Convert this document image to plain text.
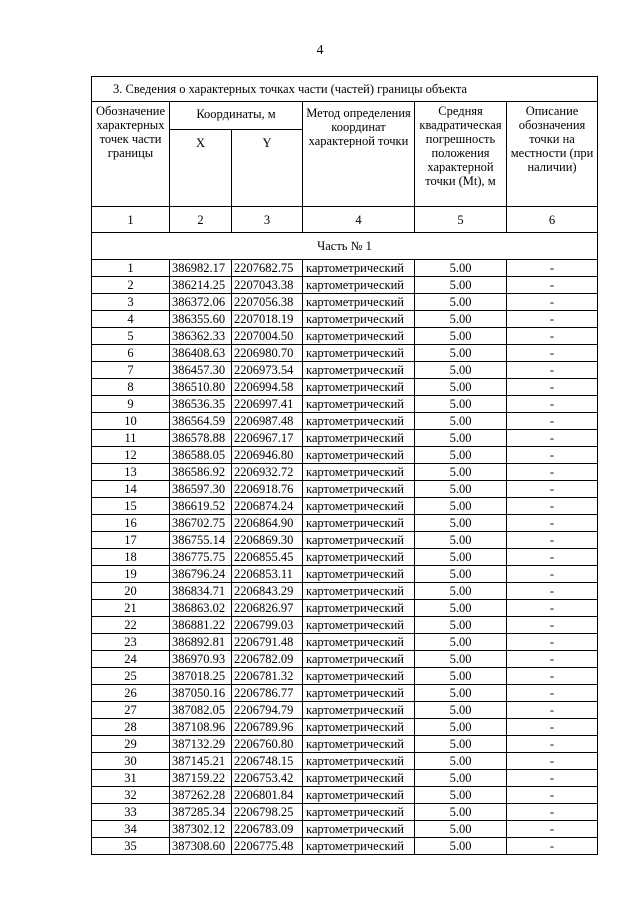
4
3. Сведения о характерных точках части (частей) границы объекта					
Обозначение характерных точек части границы	Координаты, м		Метод определения координат характерной точки	Средняя квадратическая погрешность положения характерной точки (Mt), м	Описание обозначения точки на местности (при наличии)
	X	Y			
1	2	3	4	5	6
Часть № 1					
1	386982.17	2207682.75	картометрический	5.00	-
2	386214.25	2207043.38	картометрический	5.00	-
3	386372.06	2207056.38	картометрический	5.00	-
4	386355.60	2207018.19	картометрический	5.00	-
5	386362.33	2207004.50	картометрический	5.00	-
6	386408.63	2206980.70	картометрический	5.00	-
7	386457.30	2206973.54	картометрический	5.00	-
8	386510.80	2206994.58	картометрический	5.00	-
9	386536.35	2206997.41	картометрический	5.00	-
10	386564.59	2206987.48	картометрический	5.00	-
11	386578.88	2206967.17	картометрический	5.00	-
12	386588.05	2206946.80	картометрический	5.00	-
13	386586.92	2206932.72	картометрический	5.00	-
14	386597.30	2206918.76	картометрический	5.00	-
15	386619.52	2206874.24	картометрический	5.00	-
16	386702.75	2206864.90	картометрический	5.00	-
17	386755.14	2206869.30	картометрический	5.00	-
18	386775.75	2206855.45	картометрический	5.00	-
19	386796.24	2206853.11	картометрический	5.00	-
20	386834.71	2206843.29	картометрический	5.00	-
21	386863.02	2206826.97	картометрический	5.00	-
22	386881.22	2206799.03	картометрический	5.00	-
23	386892.81	2206791.48	картометрический	5.00	-
24	386970.93	2206782.09	картометрический	5.00	-
25	387018.25	2206781.32	картометрический	5.00	-
26	387050.16	2206786.77	картометрический	5.00	-
27	387082.05	2206794.79	картометрический	5.00	-
28	387108.96	2206789.96	картометрический	5.00	-
29	387132.29	2206760.80	картометрический	5.00	-
30	387145.21	2206748.15	картометрический	5.00	-
31	387159.22	2206753.42	картометрический	5.00	-
32	387262.28	2206801.84	картометрический	5.00	-
33	387285.34	2206798.25	картометрический	5.00	-
34	387302.12	2206783.09	картометрический	5.00	-
35	387308.60	2206775.48	картометрический	5.00	-
